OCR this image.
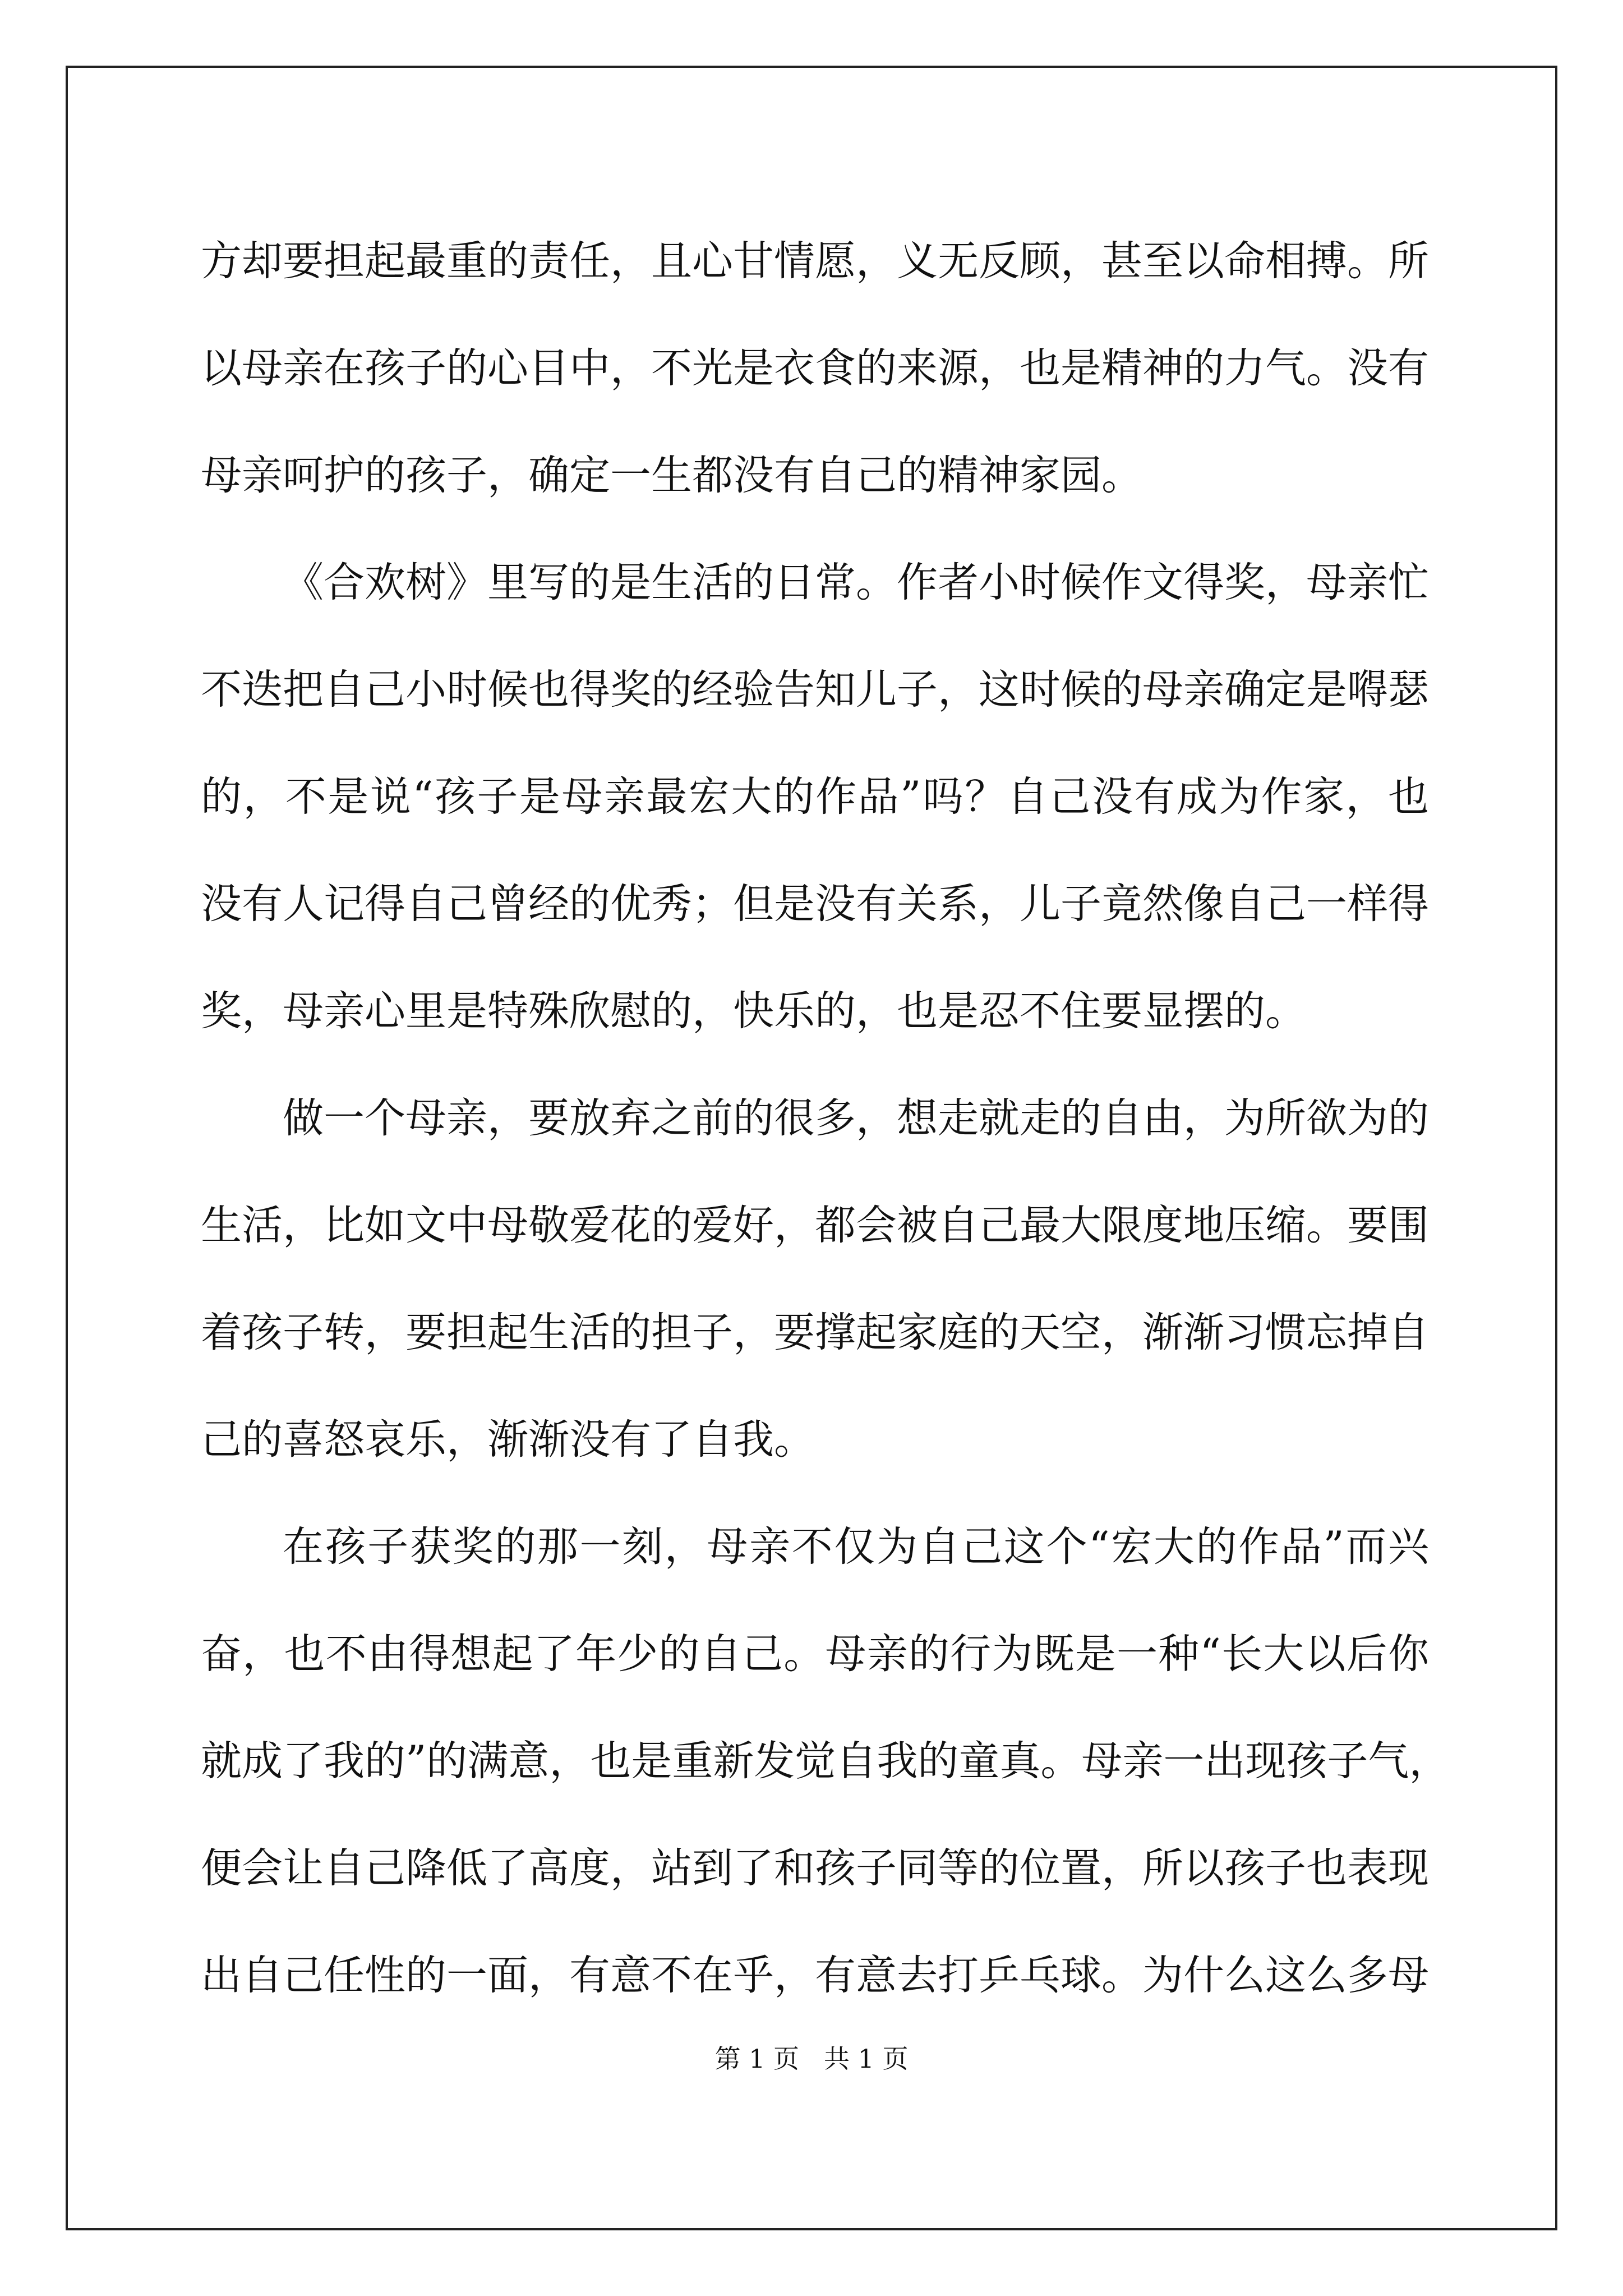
方却要担起最重的责任，且心甘情愿，义无反顾，甚至以命相搏。所
以母亲在孩子的心目中，不光是衣食的来源，也是精神的力气。没有
母亲呵护的孩子，确定一生都没有自己的精神家园。
《合欢树》里写的是生活的日常。作者小时候作文得奖，母亲忙
不迭把自己小时候也得奖的经验告知儿子，这时候的母亲确定是嘚瑟
的，不是说“孩子是母亲最宏大的作品”吗？自己没有成为作家，也
没有人记得自己曾经的优秀；但是没有关系，儿子竟然像自己一样得
奖，母亲心里是特殊欣慰的，快乐的，也是忍不住要显摆的。
做一个母亲，要放弃之前的很多，想走就走的自由，为所欲为的
生活，比如文中母敬爱花的爱好，都会被自己最大限度地压缩。要围
着孩子转，要担起生活的担子，要撑起家庭的天空，渐渐习惯忘掉自
己的喜怒哀乐，渐渐没有了自我。
在孩子获奖的那一刻，母亲不仅为自己这个“宏大的作品”而兴
奋，也不由得想起了年少的自己。母亲的行为既是一种“长大以后你
就成了我的”的满意，也是重新发觉自我的童真。母亲一出现孩子气，
便会让自己降低了高度，站到了和孩子同等的位置，所以孩子也表现
出自己任性的一面，有意不在乎，有意去打乒乓球。为什么这么多母
第 1 页 共 1 页
